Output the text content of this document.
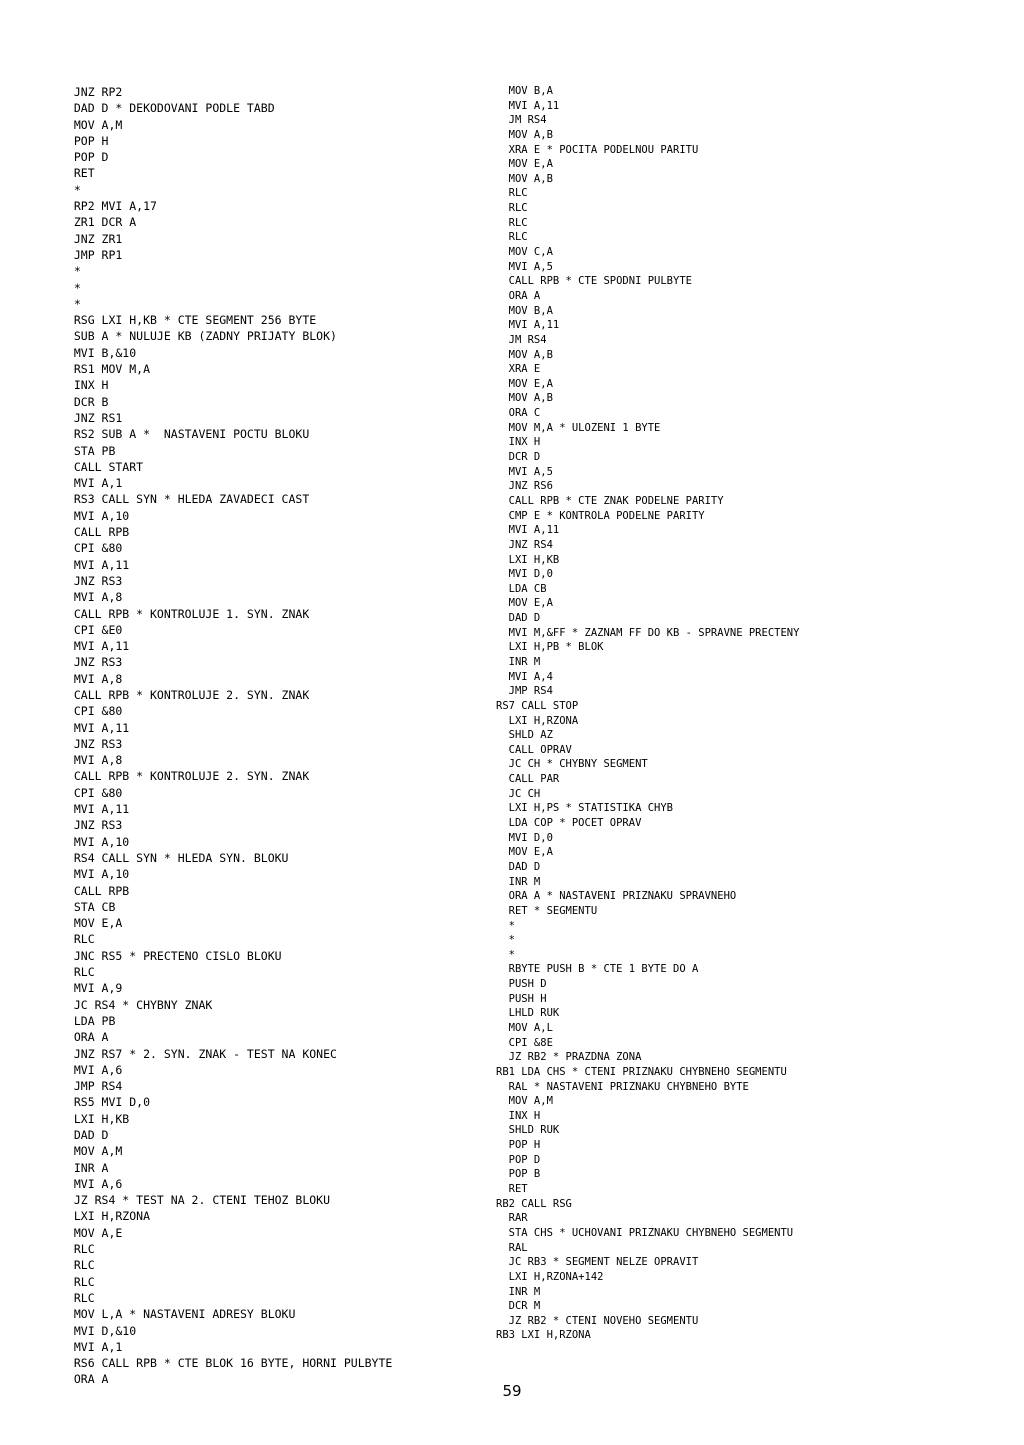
JNZ RP2
DAD D * DEKODOVANI PODLE TABD
MOV A,M
POP H
POP D
RET
*
RP2 MVI A,17
ZR1 DCR A
JNZ ZR1
JMP RP1
*
*
*
RSG LXI H,KB * CTE SEGMENT 256 BYTE
SUB A * NULUJE KB (ZADNY PRIJATY BLOK)
MVI B,&10
RS1 MOV M,A
INX H
DCR B
JNZ RS1
RS2 SUB A *  NASTAVENI POCTU BLOKU
STA PB
CALL START
MVI A,1
RS3 CALL SYN * HLEDA ZAVADECI CAST
MVI A,10
CALL RPB
CPI &80
MVI A,11
JNZ RS3
MVI A,8
CALL RPB * KONTROLUJE 1. SYN. ZNAK
CPI &E0
MVI A,11
JNZ RS3
MVI A,8
CALL RPB * KONTROLUJE 2. SYN. ZNAK
CPI &80
MVI A,11
JNZ RS3
MVI A,8
CALL RPB * KONTROLUJE 2. SYN. ZNAK
CPI &80
MVI A,11
JNZ RS3
MVI A,10
RS4 CALL SYN * HLEDA SYN. BLOKU
MVI A,10
CALL RPB
STA CB
MOV E,A
RLC
JNC RS5 * PRECTENO CISLO BLOKU
RLC
MVI A,9
JC RS4 * CHYBNY ZNAK
LDA PB
ORA A
JNZ RS7 * 2. SYN. ZNAK - TEST NA KONEC
MVI A,6
JMP RS4
RS5 MVI D,0
LXI H,KB
DAD D
MOV A,M
INR A
MVI A,6
JZ RS4 * TEST NA 2. CTENI TEHOZ BLOKU
LXI H,RZONA
MOV A,E
RLC
RLC
RLC
RLC
MOV L,A * NASTAVENI ADRESY BLOKU
MVI D,&10
MVI A,1
RS6 CALL RPB * CTE BLOK 16 BYTE, HORNI PULBYTE
ORA A
MOV B,A
MVI A,11
JM RS4
MOV A,B
XRA E * POCITA PODELNOU PARITU
MOV E,A
MOV A,B
RLC
RLC
RLC
RLC
MOV C,A
MVI A,5
CALL RPB * CTE SPODNI PULBYTE
ORA A
MOV B,A
MVI A,11
JM RS4
MOV A,B
XRA E
MOV E,A
MOV A,B
ORA C
MOV M,A * ULOZENI 1 BYTE
INX H
DCR D
MVI A,5
JNZ RS6
CALL RPB * CTE ZNAK PODELNE PARITY
CMP E * KONTROLA PODELNE PARITY
MVI A,11
JNZ RS4
LXI H,KB
MVI D,0
LDA CB
MOV E,A
DAD D
MVI M,&FF * ZAZNAM FF DO KB - SPRAVNE PRECTENY
LXI H,PB * BLOK
INR M
MVI A,4
JMP RS4
RS7 CALL STOP
LXI H,RZONA
SHLD AZ
CALL OPRAV
JC CH * CHYBNY SEGMENT
CALL PAR
JC CH
LXI H,PS * STATISTIKA CHYB
LDA COP * POCET OPRAV
MVI D,0
MOV E,A
DAD D
INR M
ORA A * NASTAVENI PRIZNAKU SPRAVNEHO
RET * SEGMENTU
*
*
*
RBYTE PUSH B * CTE 1 BYTE DO A
PUSH D
PUSH H
LHLD RUK
MOV A,L
CPI &8E
JZ RB2 * PRAZDNA ZONA
RB1 LDA CHS * CTENI PRIZNAKU CHYBNEHO SEGMENTU
RAL * NASTAVENI PRIZNAKU CHYBNEHO BYTE
MOV A,M
INX H
SHLD RUK
POP H
POP D
POP B
RET
RB2 CALL RSG
RAR
STA CHS * UCHOVANI PRIZNAKU CHYBNEHO SEGMENTU
RAL
JC RB3 * SEGMENT NELZE OPRAVIT
LXI H,RZONA+142
INR M
DCR M
JZ RB2 * CTENI NOVEHO SEGMENTU
RB3 LXI H,RZONA
59
